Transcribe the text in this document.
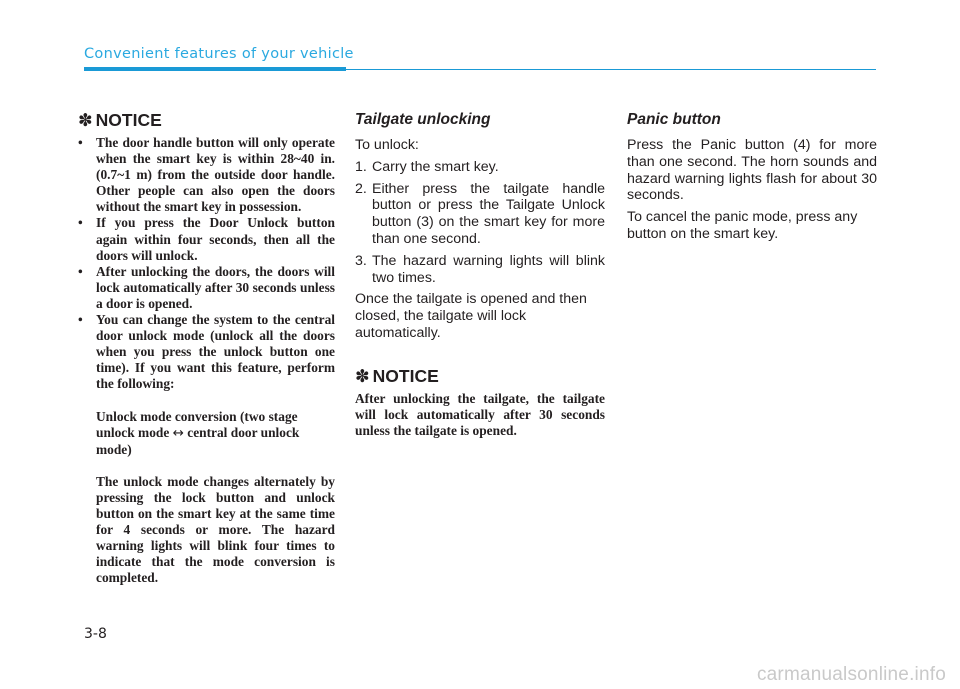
Convenient features of your vehicle
✽ NOTICE
• The door handle button will only operate when the smart key is within 28~40 in. (0.7~1 m) from the outside door handle. Other people can also open the doors without the smart key in possession.
• If you press the Door Unlock button again within four seconds, then all the doors will unlock.
• After unlocking the doors, the doors will lock automatically after 30 seconds unless a door is opened.
• You can change the system to the central door unlock mode (unlock all the doors when you press the unlock button one time). If you want this feature, perform the following:
Unlock mode conversion (two stage unlock mode ↔ central door unlock mode)
The unlock mode changes alternately by pressing the lock button and unlock button on the smart key at the same time for 4 seconds or more. The hazard warning lights will blink four times to indicate that the mode conversion is completed.
Tailgate unlocking

To unlock:

1. Carry the smart key.
2. Either press the tailgate handle button or press the Tailgate Unlock button (3) on the smart key for more than one second.
3. The hazard warning lights will blink two times.

Once the tailgate is opened and then closed, the tailgate will lock automatically.

✽ NOTICE
After unlocking the tailgate, the tailgate will lock automatically after 30 seconds unless the tailgate is opened.
Panic button

Press the Panic button (4) for more than one second. The horn sounds and hazard warning lights flash for about 30 seconds.

To cancel the panic mode, press any button on the smart key.

3-8
carmanualsonline.info
